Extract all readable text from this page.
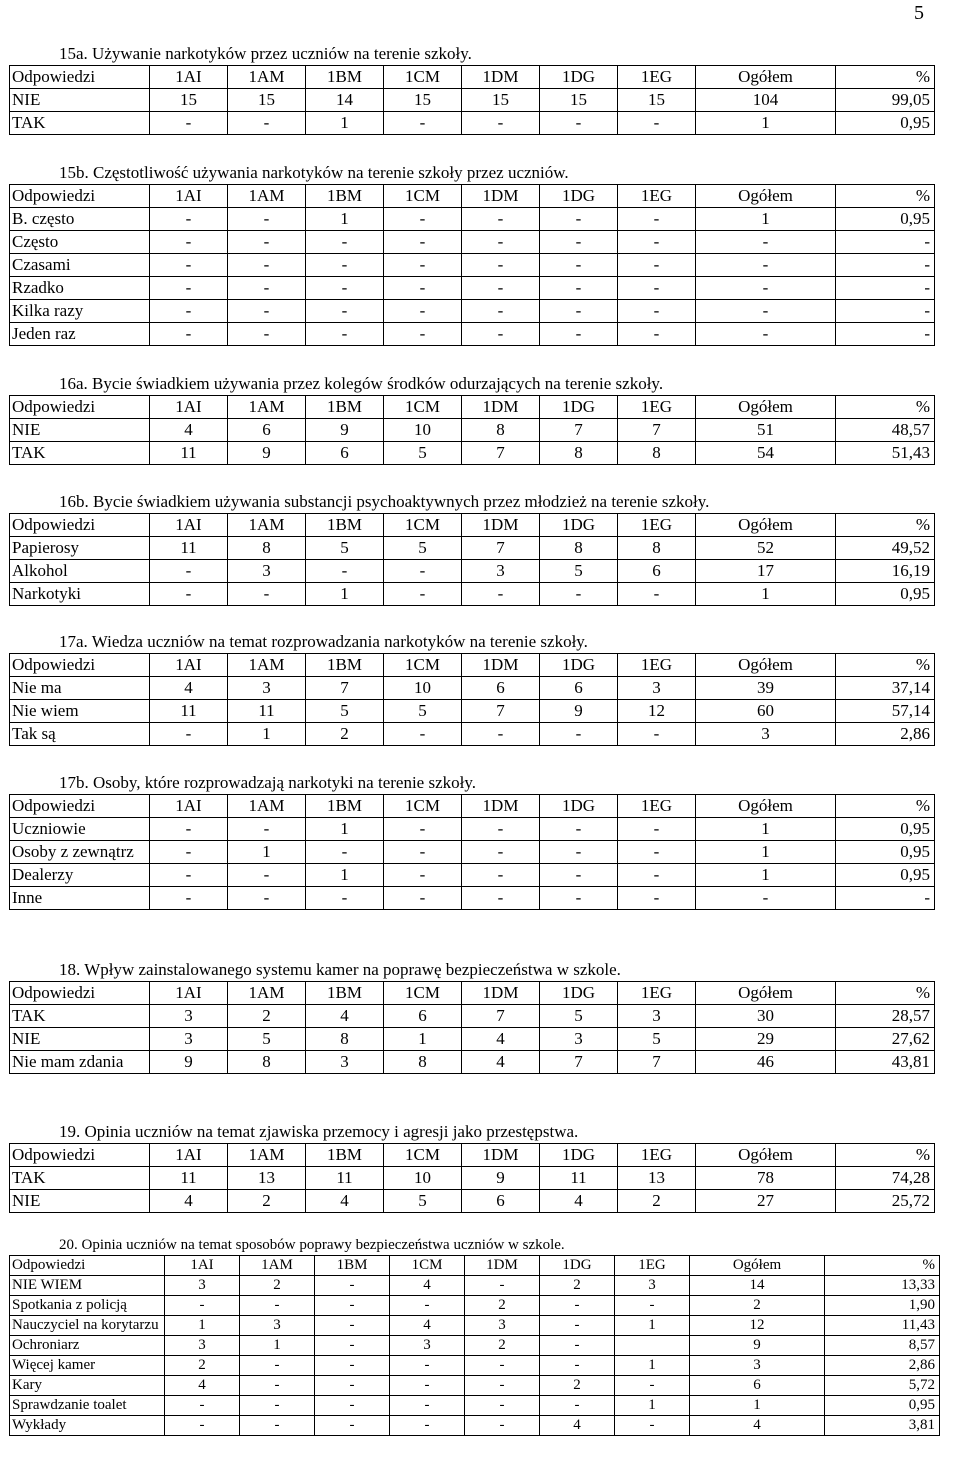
5
15a. Używanie narkotyków przez uczniów na terenie szkoły.
Odpowiedzi	1AI	1AM	1BM	1CM	1DM	1DG	1EG	Ogółem	%
NIE	15	15	14	15	15	15	15	104	99,05
TAK	-	-	1	-	-	-	-	1	0,95
15b. Częstotliwość używania narkotyków na terenie szkoły przez uczniów.
Odpowiedzi	1AI	1AM	1BM	1CM	1DM	1DG	1EG	Ogółem	%
B. często	-	-	1	-	-	-	-	1	0,95
Często	-	-	-	-	-	-	-	-	-
Czasami	-	-	-	-	-	-	-	-	-
Rzadko	-	-	-	-	-	-	-	-	-
Kilka razy	-	-	-	-	-	-	-	-	-
Jeden raz	-	-	-	-	-	-	-	-	-
16a. Bycie świadkiem używania przez kolegów środków odurzających na terenie szkoły.
Odpowiedzi	1AI	1AM	1BM	1CM	1DM	1DG	1EG	Ogółem	%
NIE	4	6	9	10	8	7	7	51	48,57
TAK	11	9	6	5	7	8	8	54	51,43
16b. Bycie świadkiem używania substancji psychoaktywnych przez młodzież na terenie szkoły.
Odpowiedzi	1AI	1AM	1BM	1CM	1DM	1DG	1EG	Ogółem	%
Papierosy	11	8	5	5	7	8	8	52	49,52
Alkohol	-	3	-	-	3	5	6	17	16,19
Narkotyki	-	-	1	-	-	-	-	1	0,95
17a. Wiedza uczniów na temat rozprowadzania narkotyków na terenie szkoły.
Odpowiedzi	1AI	1AM	1BM	1CM	1DM	1DG	1EG	Ogółem	%
Nie ma	4	3	7	10	6	6	3	39	37,14
Nie wiem	11	11	5	5	7	9	12	60	57,14
Tak są	-	1	2	-	-	-	-	3	2,86
17b. Osoby, które rozprowadzają narkotyki na terenie szkoły.
Odpowiedzi	1AI	1AM	1BM	1CM	1DM	1DG	1EG	Ogółem	%
Uczniowie	-	-	1	-	-	-	-	1	0,95
Osoby z zewnątrz	-	1	-	-	-	-	-	1	0,95
Dealerzy	-	-	1	-	-	-	-	1	0,95
Inne	-	-	-	-	-	-	-	-	-
18. Wpływ zainstalowanego systemu kamer na poprawę bezpieczeństwa w szkole.
Odpowiedzi	1AI	1AM	1BM	1CM	1DM	1DG	1EG	Ogółem	%
TAK	3	2	4	6	7	5	3	30	28,57
NIE	3	5	8	1	4	3	5	29	27,62
Nie mam zdania	9	8	3	8	4	7	7	46	43,81
19. Opinia uczniów na temat zjawiska przemocy i agresji jako przestępstwa.
Odpowiedzi	1AI	1AM	1BM	1CM	1DM	1DG	1EG	Ogółem	%
TAK	11	13	11	10	9	11	13	78	74,28
NIE	4	2	4	5	6	4	2	27	25,72
20. Opinia uczniów na temat sposobów poprawy bezpieczeństwa uczniów w szkole.
Odpowiedzi	1AI	1AM	1BM	1CM	1DM	1DG	1EG	Ogółem	%
NIE WIEM	3	2	-	4	-	2	3	14	13,33
Spotkania z policją	-	-	-	-	2	-	-	2	1,90
Nauczyciel na korytarzu	1	3	-	4	3	-	1	12	11,43
Ochroniarz	3	1	-	3	2	-		9	8,57
Więcej kamer	2	-	-	-	-	-	1	3	2,86
Kary	4	-	-	-	-	2	-	6	5,72
Sprawdzanie toalet	-	-	-	-	-	-	1	1	0,95
Wykłady	-	-	-	-	-	4	-	4	3,81
